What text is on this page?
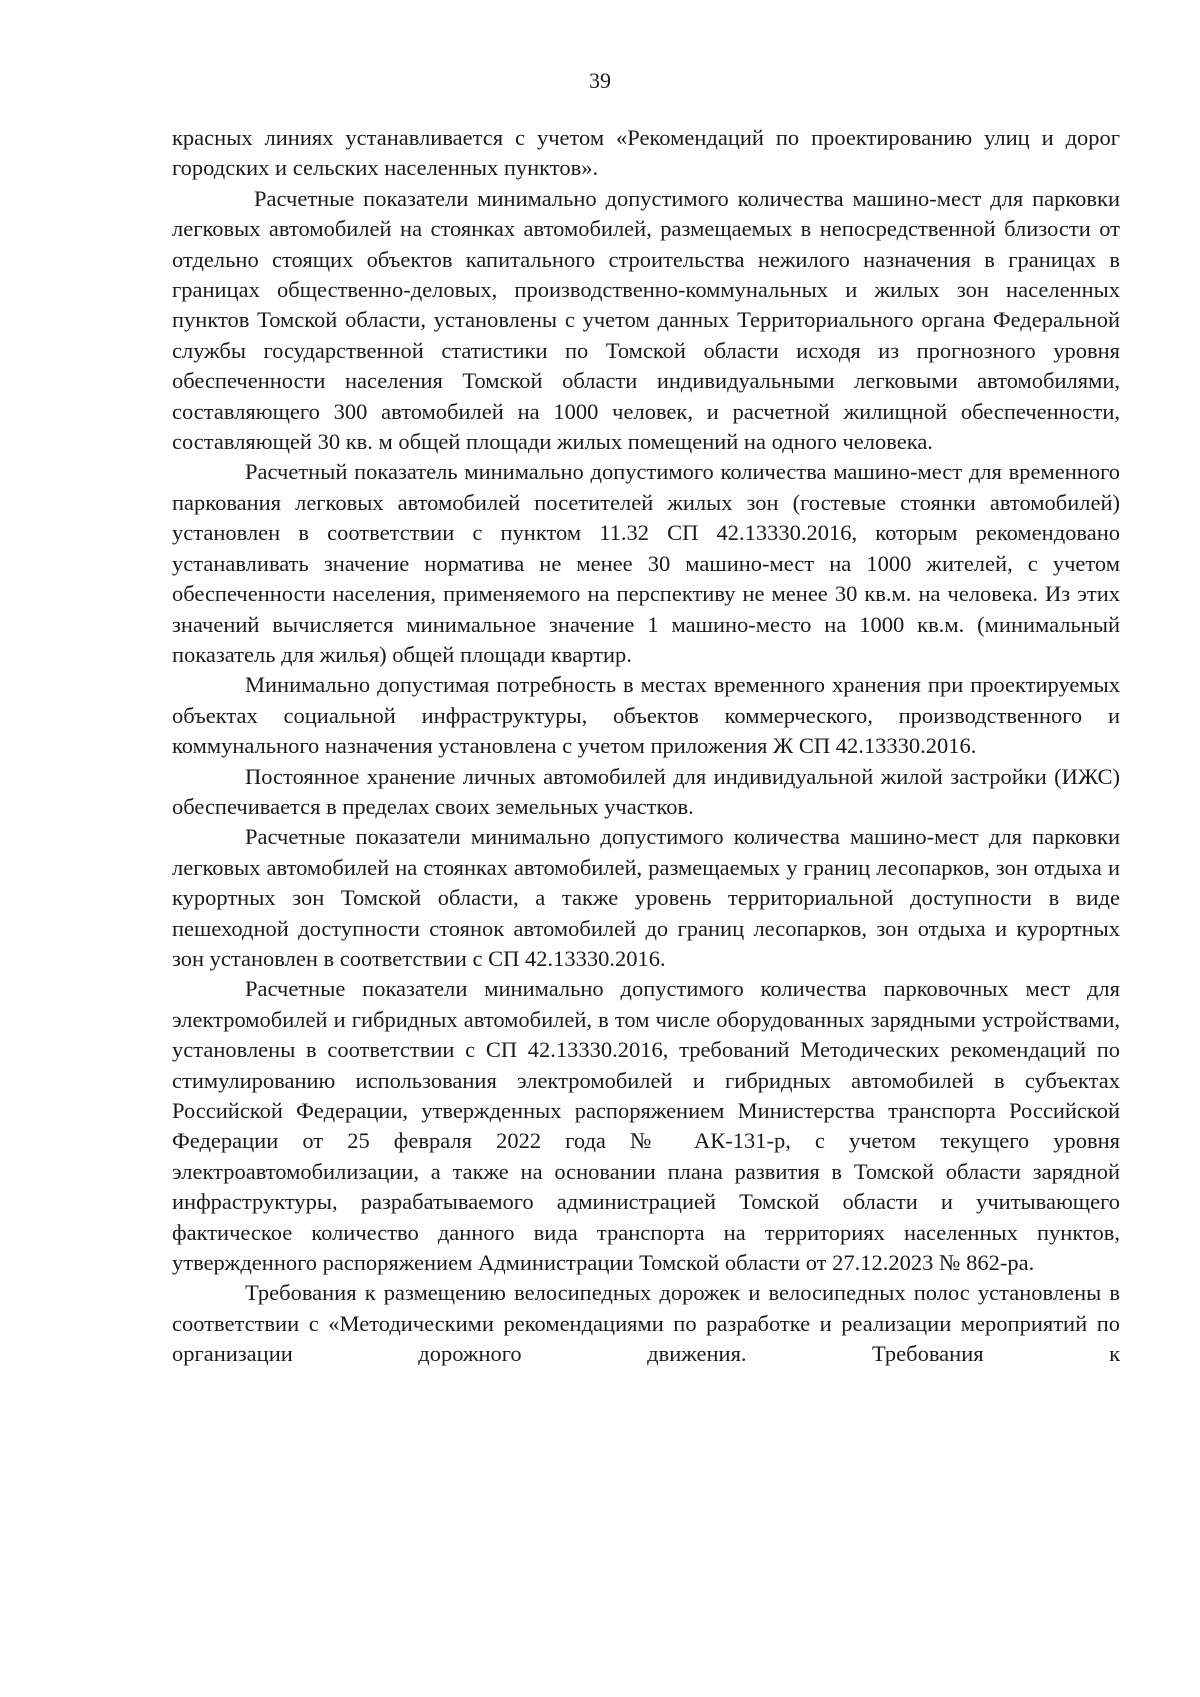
39

красных линиях устанавливается с учетом «Рекомендаций по проектированию улиц и дорог городских и сельских населенных пунктов».

Расчетные показатели минимально допустимого количества машино-мест для парковки легковых автомобилей на стоянках автомобилей, размещаемых в непосредственной близости от отдельно стоящих объектов капитального строительства нежилого назначения в границах в границах общественно-деловых, производственно-коммунальных и жилых зон населенных пунктов Томской области, установлены с учетом данных Территориального органа Федеральной службы государственной статистики по Томской области исходя из прогнозного уровня обеспеченности населения Томской области индивидуальными легковыми автомобилями, составляющего 300 автомобилей на 1000 человек, и расчетной жилищной обеспеченности, составляющей 30 кв. м общей площади жилых помещений на одного человека.

Расчетный показатель минимально допустимого количества машино-мест для временного паркования легковых автомобилей посетителей жилых зон (гостевые стоянки автомобилей) установлен в соответствии с пунктом 11.32 СП 42.13330.2016, которым рекомендовано устанавливать значение норматива не менее 30 машино-мест на 1000 жителей, с учетом обеспеченности населения, применяемого на перспективу не менее 30 кв.м. на человека. Из этих значений вычисляется минимальное значение 1 машино-место на 1000 кв.м. (минимальный показатель для жилья) общей площади квартир.

Минимально допустимая потребность в местах временного хранения при проектируемых объектах социальной инфраструктуры, объектов коммерческого, производственного и коммунального назначения установлена с учетом приложения Ж СП 42.13330.2016.

Постоянное хранение личных автомобилей для индивидуальной жилой застройки (ИЖС) обеспечивается в пределах своих земельных участков.

Расчетные показатели минимально допустимого количества машино-мест для парковки легковых автомобилей на стоянках автомобилей, размещаемых у границ лесопарков, зон отдыха и курортных зон Томской области, а также уровень территориальной доступности в виде пешеходной доступности стоянок автомобилей до границ лесопарков, зон отдыха и курортных зон установлен в соответствии с СП 42.13330.2016.

Расчетные показатели минимально допустимого количества парковочных мест для электромобилей и гибридных автомобилей, в том числе оборудованных зарядными устройствами, установлены в соответствии с СП 42.13330.2016, требований Методических рекомендаций по стимулированию использования электромобилей и гибридных автомобилей в субъектах Российской Федерации, утвержденных распоряжением Министерства транспорта Российской Федерации от 25 февраля 2022 года № АК-131-р, с учетом текущего уровня электроавтомобилизации, а также на основании плана развития в Томской области зарядной инфраструктуры, разрабатываемого администрацией Томской области и учитывающего фактическое количество данного вида транспорта на территориях населенных пунктов, утвержденного распоряжением Администрации Томской области от 27.12.2023 № 862-ра.

Требования к размещению велосипедных дорожек и велосипедных полос установлены в соответствии с «Методическими рекомендациями по разработке и реализации мероприятий по организации дорожного движения. Требования к
